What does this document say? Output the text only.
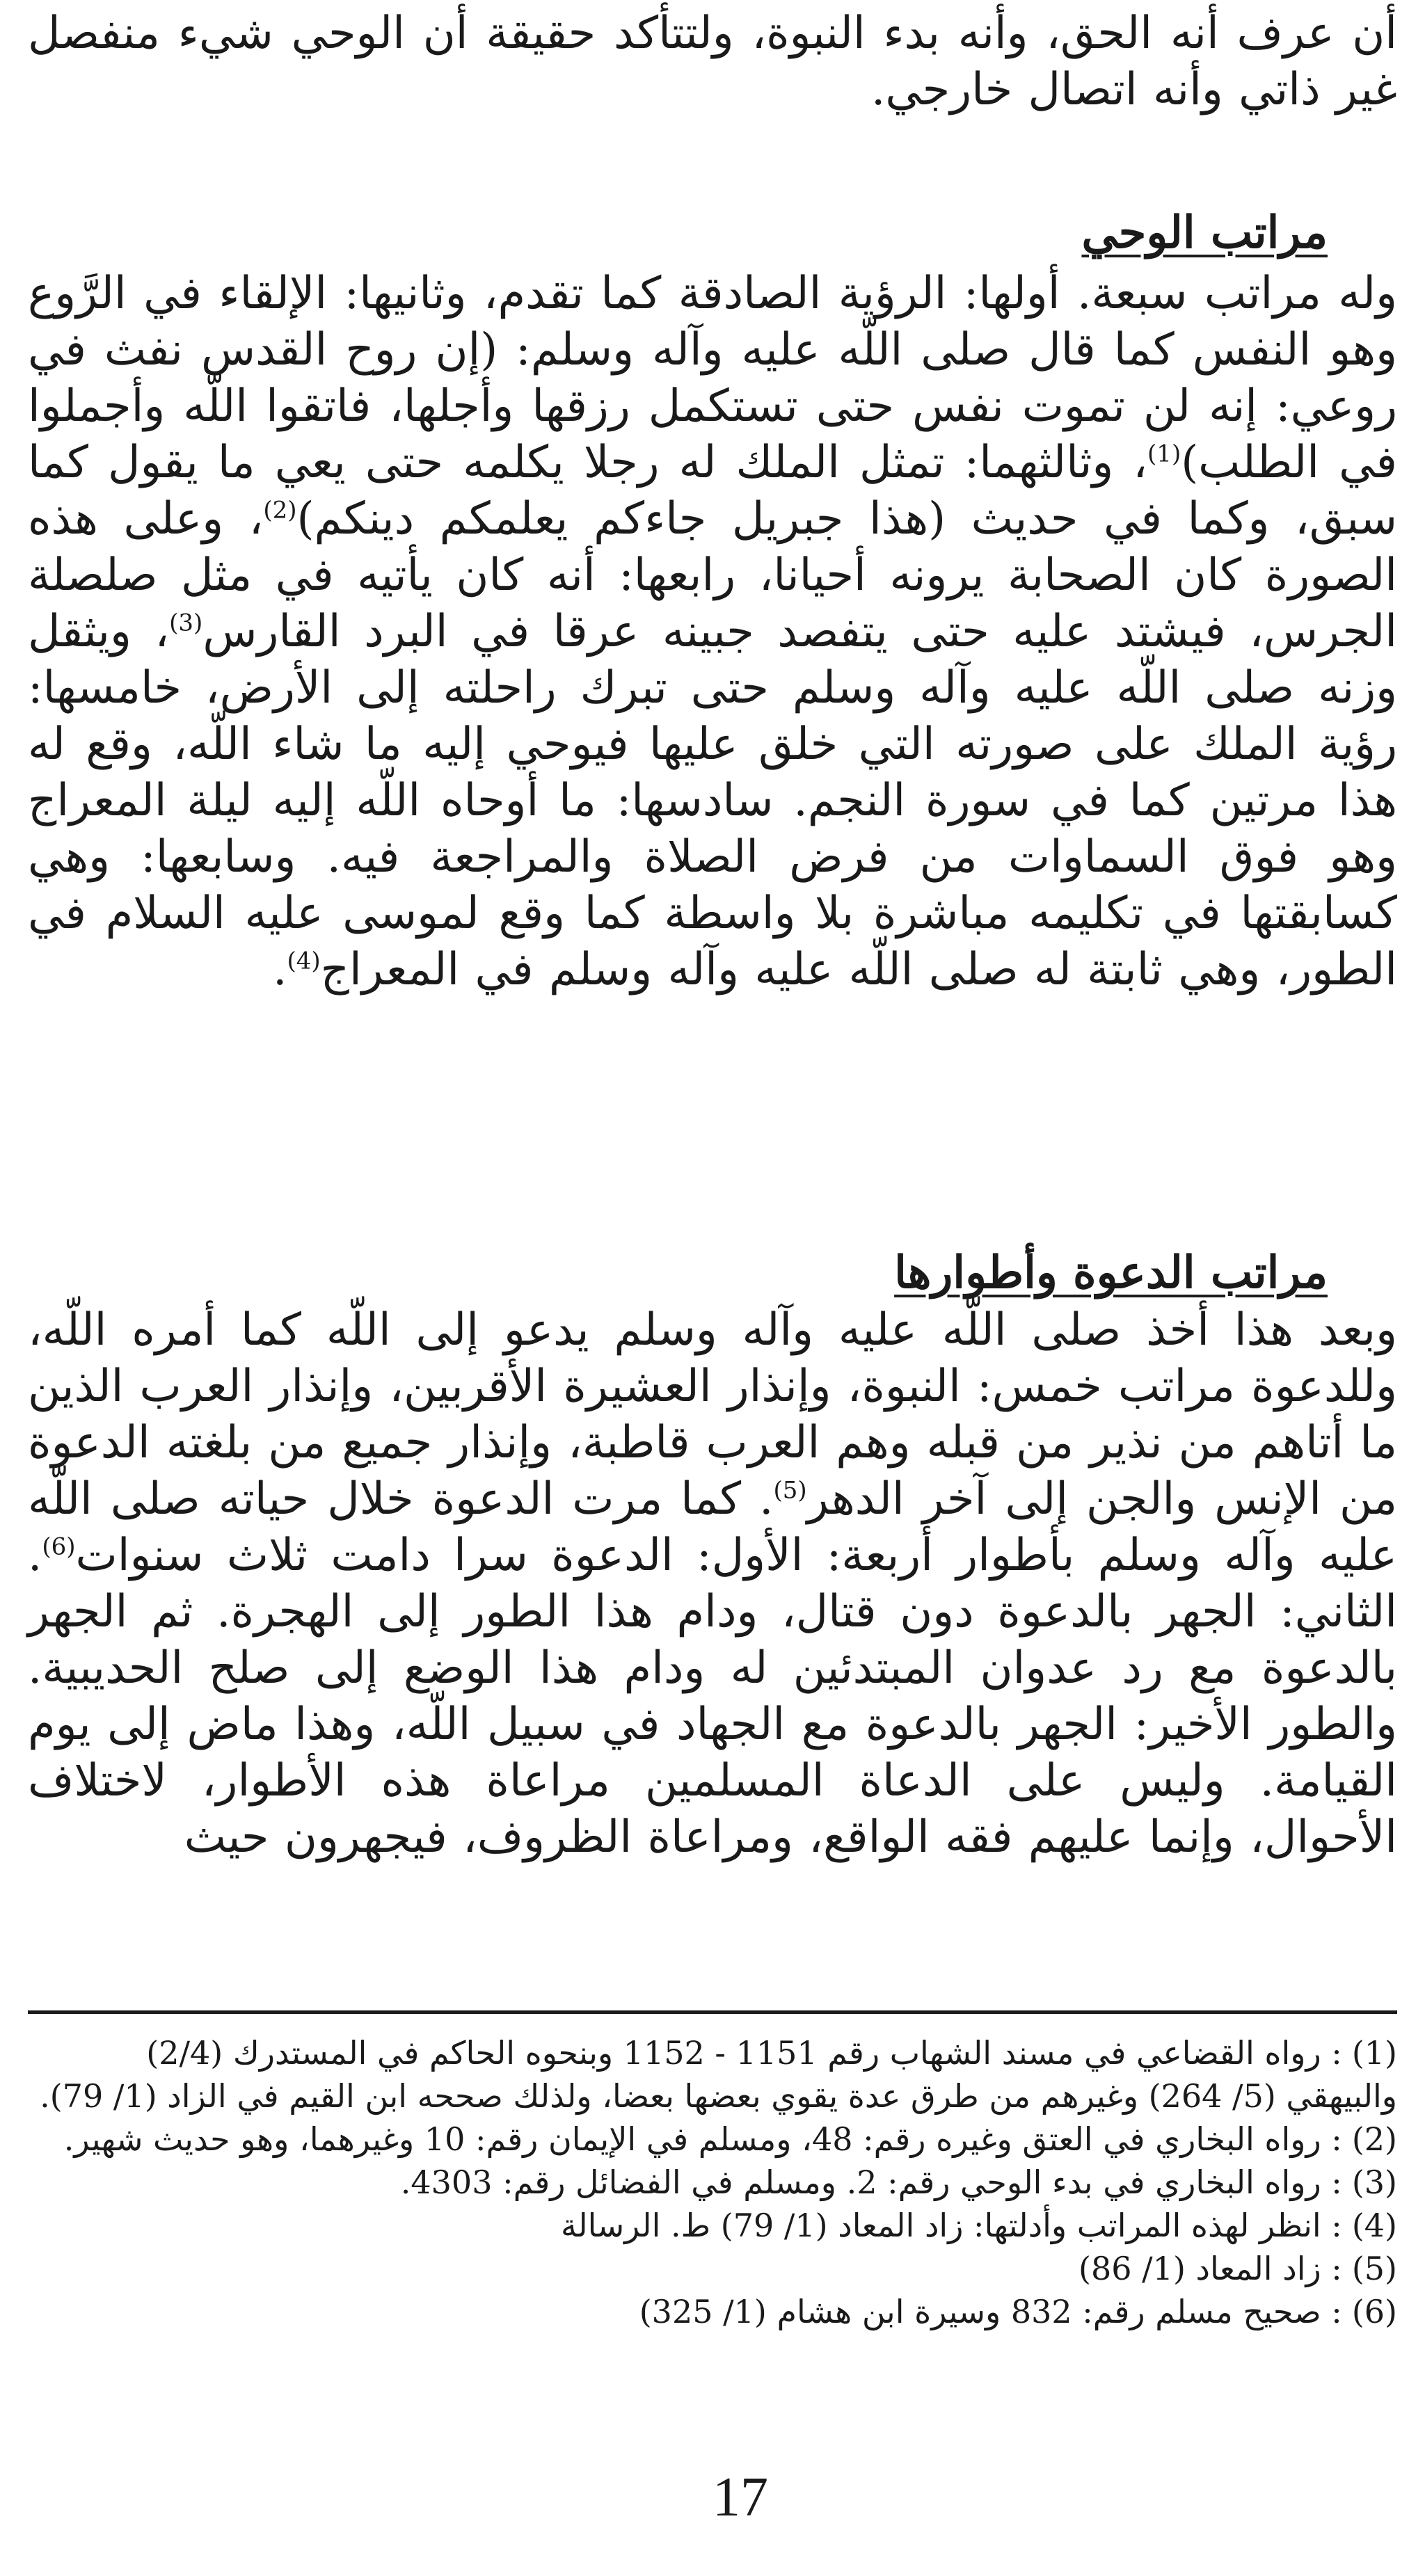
أن عرف أنه الحق، وأنه بدء النبوة، ولتتأكد حقيقة أن الوحي شيء منفصل غير ذاتي وأنه اتصال خارجي.

مراتب الوحي

وله مراتب سبعة. أولها: الرؤية الصادقة كما تقدم، وثانيها: الإلقاء في الرَّوع وهو النفس كما قال صلى اللّه عليه وآله وسلم: (إن روح القدس نفث في روعي: إنه لن تموت نفس حتى تستكمل رزقها وأجلها، فاتقوا اللّه وأجملوا في الطلب)$^{(1)}$، وثالثهما: تمثل الملك له رجلا يكلمه حتى يعي ما يقول كما سبق، وكما في حديث (هذا جبريل جاءكم يعلمكم دينكم)$^{(2)}$، وعلى هذه الصورة كان الصحابة يرونه أحيانا، رابعها: أنه كان يأتيه في مثل صلصلة الجرس، فيشتد عليه حتى يتفصد جبينه عرقا في البرد القارس$^{(3)}$، ويثقل وزنه صلى اللّه عليه وآله وسلم حتى تبرك راحلته إلى الأرض، خامسها: رؤية الملك على صورته التي خلق عليها فيوحي إليه ما شاء اللّه، وقع له هذا مرتين كما في سورة النجم. سادسها: ما أوحاه اللّه إليه ليلة المعراج وهو فوق السماوات من فرض الصلاة والمراجعة فيه. وسابعها: وهي كسابقتها في تكليمه مباشرة بلا واسطة كما وقع لموسى عليه السلام في الطور، وهي ثابتة له صلى اللّه عليه وآله وسلم في المعراج$^{(4)}$.

مراتب الدعوة وأطوارها

وبعد هذا أخذ صلى اللّه عليه وآله وسلم يدعو إلى اللّه كما أمره اللّه، وللدعوة مراتب خمس: النبوة، وإنذار العشيرة الأقربين، وإنذار العرب الذين ما أتاهم من نذير من قبله وهم العرب قاطبة، وإنذار جميع من بلغته الدعوة من الإنس والجن إلى آخر الدهر$^{(5)}$. كما مرت الدعوة خلال حياته صلى اللّه عليه وآله وسلم بأطوار أربعة: الأول: الدعوة سرا دامت ثلاث سنوات$^{(6)}$. الثاني: الجهر بالدعوة دون قتال، ودام هذا الطور إلى الهجرة. ثم الجهر بالدعوة مع رد عدوان المبتدئين له ودام هذا الوضع إلى صلح الحديبية. والطور الأخير: الجهر بالدعوة مع الجهاد في سبيل اللّه، وهذا ماض إلى يوم القيامة. وليس على الدعاة المسلمين مراعاة هذه الأطوار، لاختلاف الأحوال، وإنما عليهم فقه الواقع، ومراعاة الظروف، فيجهرون حيث

(1): رواه القضاعي في مسند الشهاب رقم 1151 - 1152 وبنحوه الحاكم في المستدرك (2/4) والبيهقي (5/ 264) وغيرهم من طرق عدة يقوي بعضها بعضا، ولذلك صححه ابن القيم في الزاد (1/ 79).
(2): رواه البخاري في العتق وغيره رقم: 48، ومسلم في الإيمان رقم: 10 وغيرهما، وهو حديث شهير.
(3): رواه البخاري في بدء الوحي رقم: 2. ومسلم في الفضائل رقم: 4303.
(4): انظر لهذه المراتب وأدلتها: زاد المعاد (1/ 79) ط. الرسالة
(5): زاد المعاد (1/ 86)
(6): صحيح مسلم رقم: 832 وسيرة ابن هشام (1/ 325)
17
